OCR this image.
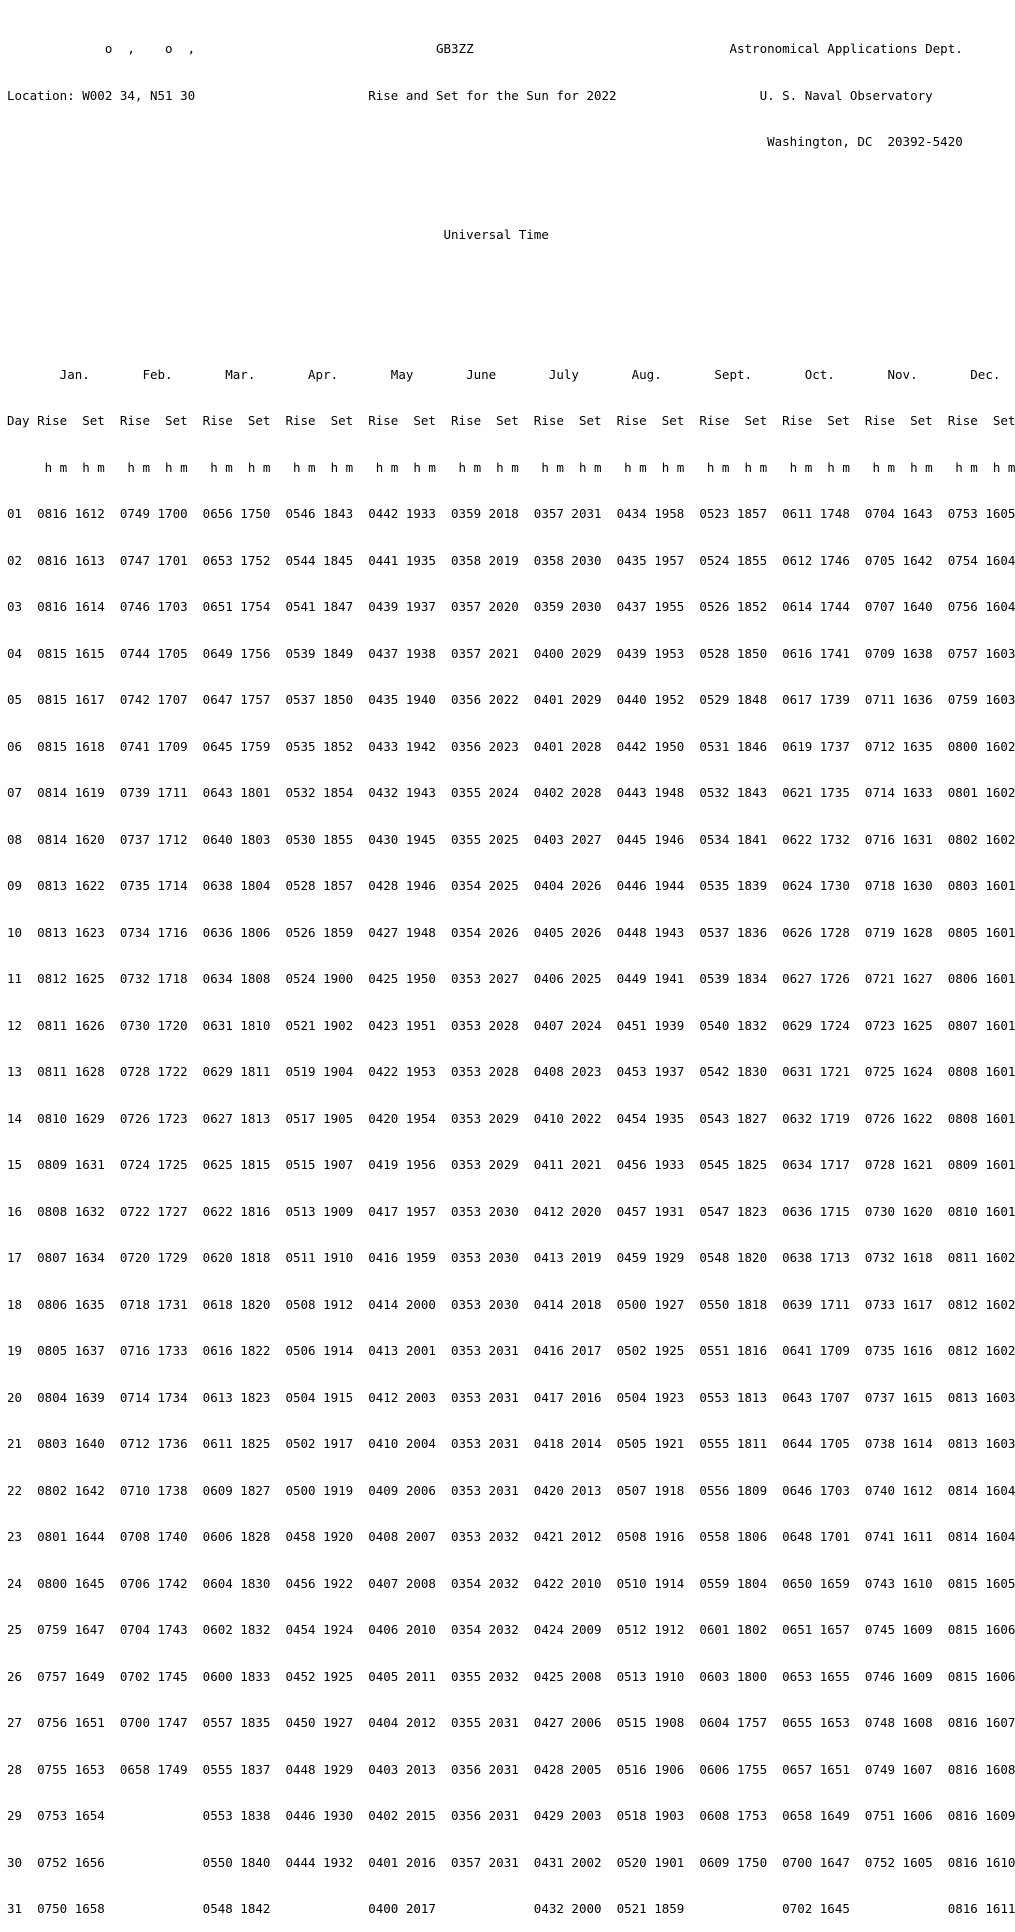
o  ,    o  ,                                GB3ZZ                                  Astronomical Applications Dept.

Location: W002 34, N51 30                       Rise and Set for the Sun for 2022                   U. S. Naval Observatory

Washington, DC  20392-5420

Universal Time

Jan.       Feb.       Mar.       Apr.       May       June       July       Aug.       Sept.       Oct.       Nov.       Dec.

Day Rise  Set  Rise  Set  Rise  Set  Rise  Set  Rise  Set  Rise  Set  Rise  Set  Rise  Set  Rise  Set  Rise  Set  Rise  Set  Rise  Set

h m  h m   h m  h m   h m  h m   h m  h m   h m  h m   h m  h m   h m  h m   h m  h m   h m  h m   h m  h m   h m  h m   h m  h m

01  0816 1612  0749 1700  0656 1750  0546 1843  0442 1933  0359 2018  0357 2031  0434 1958  0523 1857  0611 1748  0704 1643  0753 1605

02  0816 1613  0747 1701  0653 1752  0544 1845  0441 1935  0358 2019  0358 2030  0435 1957  0524 1855  0612 1746  0705 1642  0754 1604

03  0816 1614  0746 1703  0651 1754  0541 1847  0439 1937  0357 2020  0359 2030  0437 1955  0526 1852  0614 1744  0707 1640  0756 1604

04  0815 1615  0744 1705  0649 1756  0539 1849  0437 1938  0357 2021  0400 2029  0439 1953  0528 1850  0616 1741  0709 1638  0757 1603

05  0815 1617  0742 1707  0647 1757  0537 1850  0435 1940  0356 2022  0401 2029  0440 1952  0529 1848  0617 1739  0711 1636  0759 1603

06  0815 1618  0741 1709  0645 1759  0535 1852  0433 1942  0356 2023  0401 2028  0442 1950  0531 1846  0619 1737  0712 1635  0800 1602

07  0814 1619  0739 1711  0643 1801  0532 1854  0432 1943  0355 2024  0402 2028  0443 1948  0532 1843  0621 1735  0714 1633  0801 1602

08  0814 1620  0737 1712  0640 1803  0530 1855  0430 1945  0355 2025  0403 2027  0445 1946  0534 1841  0622 1732  0716 1631  0802 1602

09  0813 1622  0735 1714  0638 1804  0528 1857  0428 1946  0354 2025  0404 2026  0446 1944  0535 1839  0624 1730  0718 1630  0803 1601

10  0813 1623  0734 1716  0636 1806  0526 1859  0427 1948  0354 2026  0405 2026  0448 1943  0537 1836  0626 1728  0719 1628  0805 1601

11  0812 1625  0732 1718  0634 1808  0524 1900  0425 1950  0353 2027  0406 2025  0449 1941  0539 1834  0627 1726  0721 1627  0806 1601

12  0811 1626  0730 1720  0631 1810  0521 1902  0423 1951  0353 2028  0407 2024  0451 1939  0540 1832  0629 1724  0723 1625  0807 1601

13  0811 1628  0728 1722  0629 1811  0519 1904  0422 1953  0353 2028  0408 2023  0453 1937  0542 1830  0631 1721  0725 1624  0808 1601

14  0810 1629  0726 1723  0627 1813  0517 1905  0420 1954  0353 2029  0410 2022  0454 1935  0543 1827  0632 1719  0726 1622  0808 1601

15  0809 1631  0724 1725  0625 1815  0515 1907  0419 1956  0353 2029  0411 2021  0456 1933  0545 1825  0634 1717  0728 1621  0809 1601

16  0808 1632  0722 1727  0622 1816  0513 1909  0417 1957  0353 2030  0412 2020  0457 1931  0547 1823  0636 1715  0730 1620  0810 1601

17  0807 1634  0720 1729  0620 1818  0511 1910  0416 1959  0353 2030  0413 2019  0459 1929  0548 1820  0638 1713  0732 1618  0811 1602

18  0806 1635  0718 1731  0618 1820  0508 1912  0414 2000  0353 2030  0414 2018  0500 1927  0550 1818  0639 1711  0733 1617  0812 1602

19  0805 1637  0716 1733  0616 1822  0506 1914  0413 2001  0353 2031  0416 2017  0502 1925  0551 1816  0641 1709  0735 1616  0812 1602

20  0804 1639  0714 1734  0613 1823  0504 1915  0412 2003  0353 2031  0417 2016  0504 1923  0553 1813  0643 1707  0737 1615  0813 1603

21  0803 1640  0712 1736  0611 1825  0502 1917  0410 2004  0353 2031  0418 2014  0505 1921  0555 1811  0644 1705  0738 1614  0813 1603

22  0802 1642  0710 1738  0609 1827  0500 1919  0409 2006  0353 2031  0420 2013  0507 1918  0556 1809  0646 1703  0740 1612  0814 1604

23  0801 1644  0708 1740  0606 1828  0458 1920  0408 2007  0353 2032  0421 2012  0508 1916  0558 1806  0648 1701  0741 1611  0814 1604

24  0800 1645  0706 1742  0604 1830  0456 1922  0407 2008  0354 2032  0422 2010  0510 1914  0559 1804  0650 1659  0743 1610  0815 1605

25  0759 1647  0704 1743  0602 1832  0454 1924  0406 2010  0354 2032  0424 2009  0512 1912  0601 1802  0651 1657  0745 1609  0815 1606

26  0757 1649  0702 1745  0600 1833  0452 1925  0405 2011  0355 2032  0425 2008  0513 1910  0603 1800  0653 1655  0746 1609  0815 1606

27  0756 1651  0700 1747  0557 1835  0450 1927  0404 2012  0355 2031  0427 2006  0515 1908  0604 1757  0655 1653  0748 1608  0816 1607

28  0755 1653  0658 1749  0555 1837  0448 1929  0403 2013  0356 2031  0428 2005  0516 1906  0606 1755  0657 1651  0749 1607  0816 1608

29  0753 1654             0553 1838  0446 1930  0402 2015  0356 2031  0429 2003  0518 1903  0608 1753  0658 1649  0751 1606  0816 1609

30  0752 1656             0550 1840  0444 1932  0401 2016  0357 2031  0431 2002  0520 1901  0609 1750  0700 1647  0752 1605  0816 1610

31  0750 1658             0548 1842             0400 2017             0432 2000  0521 1859             0702 1645             0816 1611
